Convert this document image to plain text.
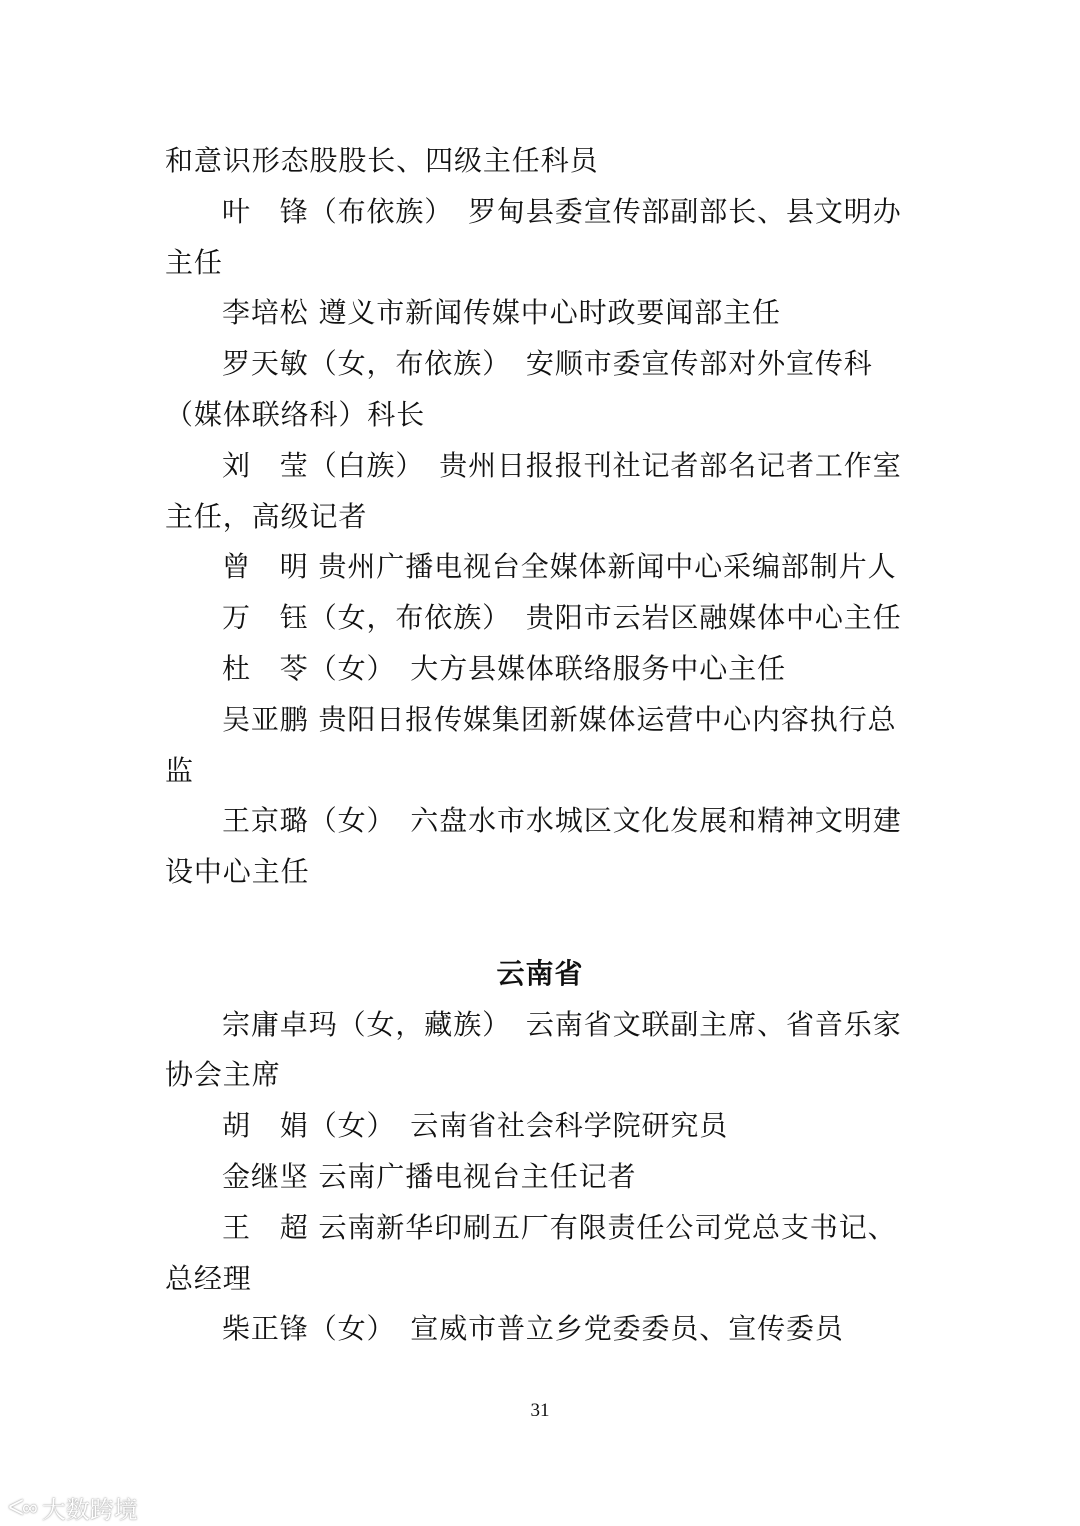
和意识形态股股长、四级主任科员
叶　锋（布依族）　罗甸县委宣传部副部长、县文明办
主任
李培松 遵义市新闻传媒中心时政要闻部主任
罗天敏（女，布依族）　安顺市委宣传部对外宣传科
（媒体联络科）科长
刘　莹（白族）　贵州日报报刊社记者部名记者工作室
主任，高级记者
曾　明 贵州广播电视台全媒体新闻中心采编部制片人
万　钰（女，布依族）　贵阳市云岩区融媒体中心主任
杜　苓（女）　大方县媒体联络服务中心主任
吴亚鹏 贵阳日报传媒集团新媒体运营中心内容执行总
监
王京璐（女）　六盘水市水城区文化发展和精神文明建
设中心主任
云南省
宗庸卓玛（女，藏族）　云南省文联副主席、省音乐家
协会主席
胡　娟（女）　云南省社会科学院研究员
金继坚 云南广播电视台主任记者
王　超 云南新华印刷五厂有限责任公司党总支书记、
总经理
柴正锋（女）　宣威市普立乡党委委员、宣传委员
31
ᐸ∞ 大数跨境
